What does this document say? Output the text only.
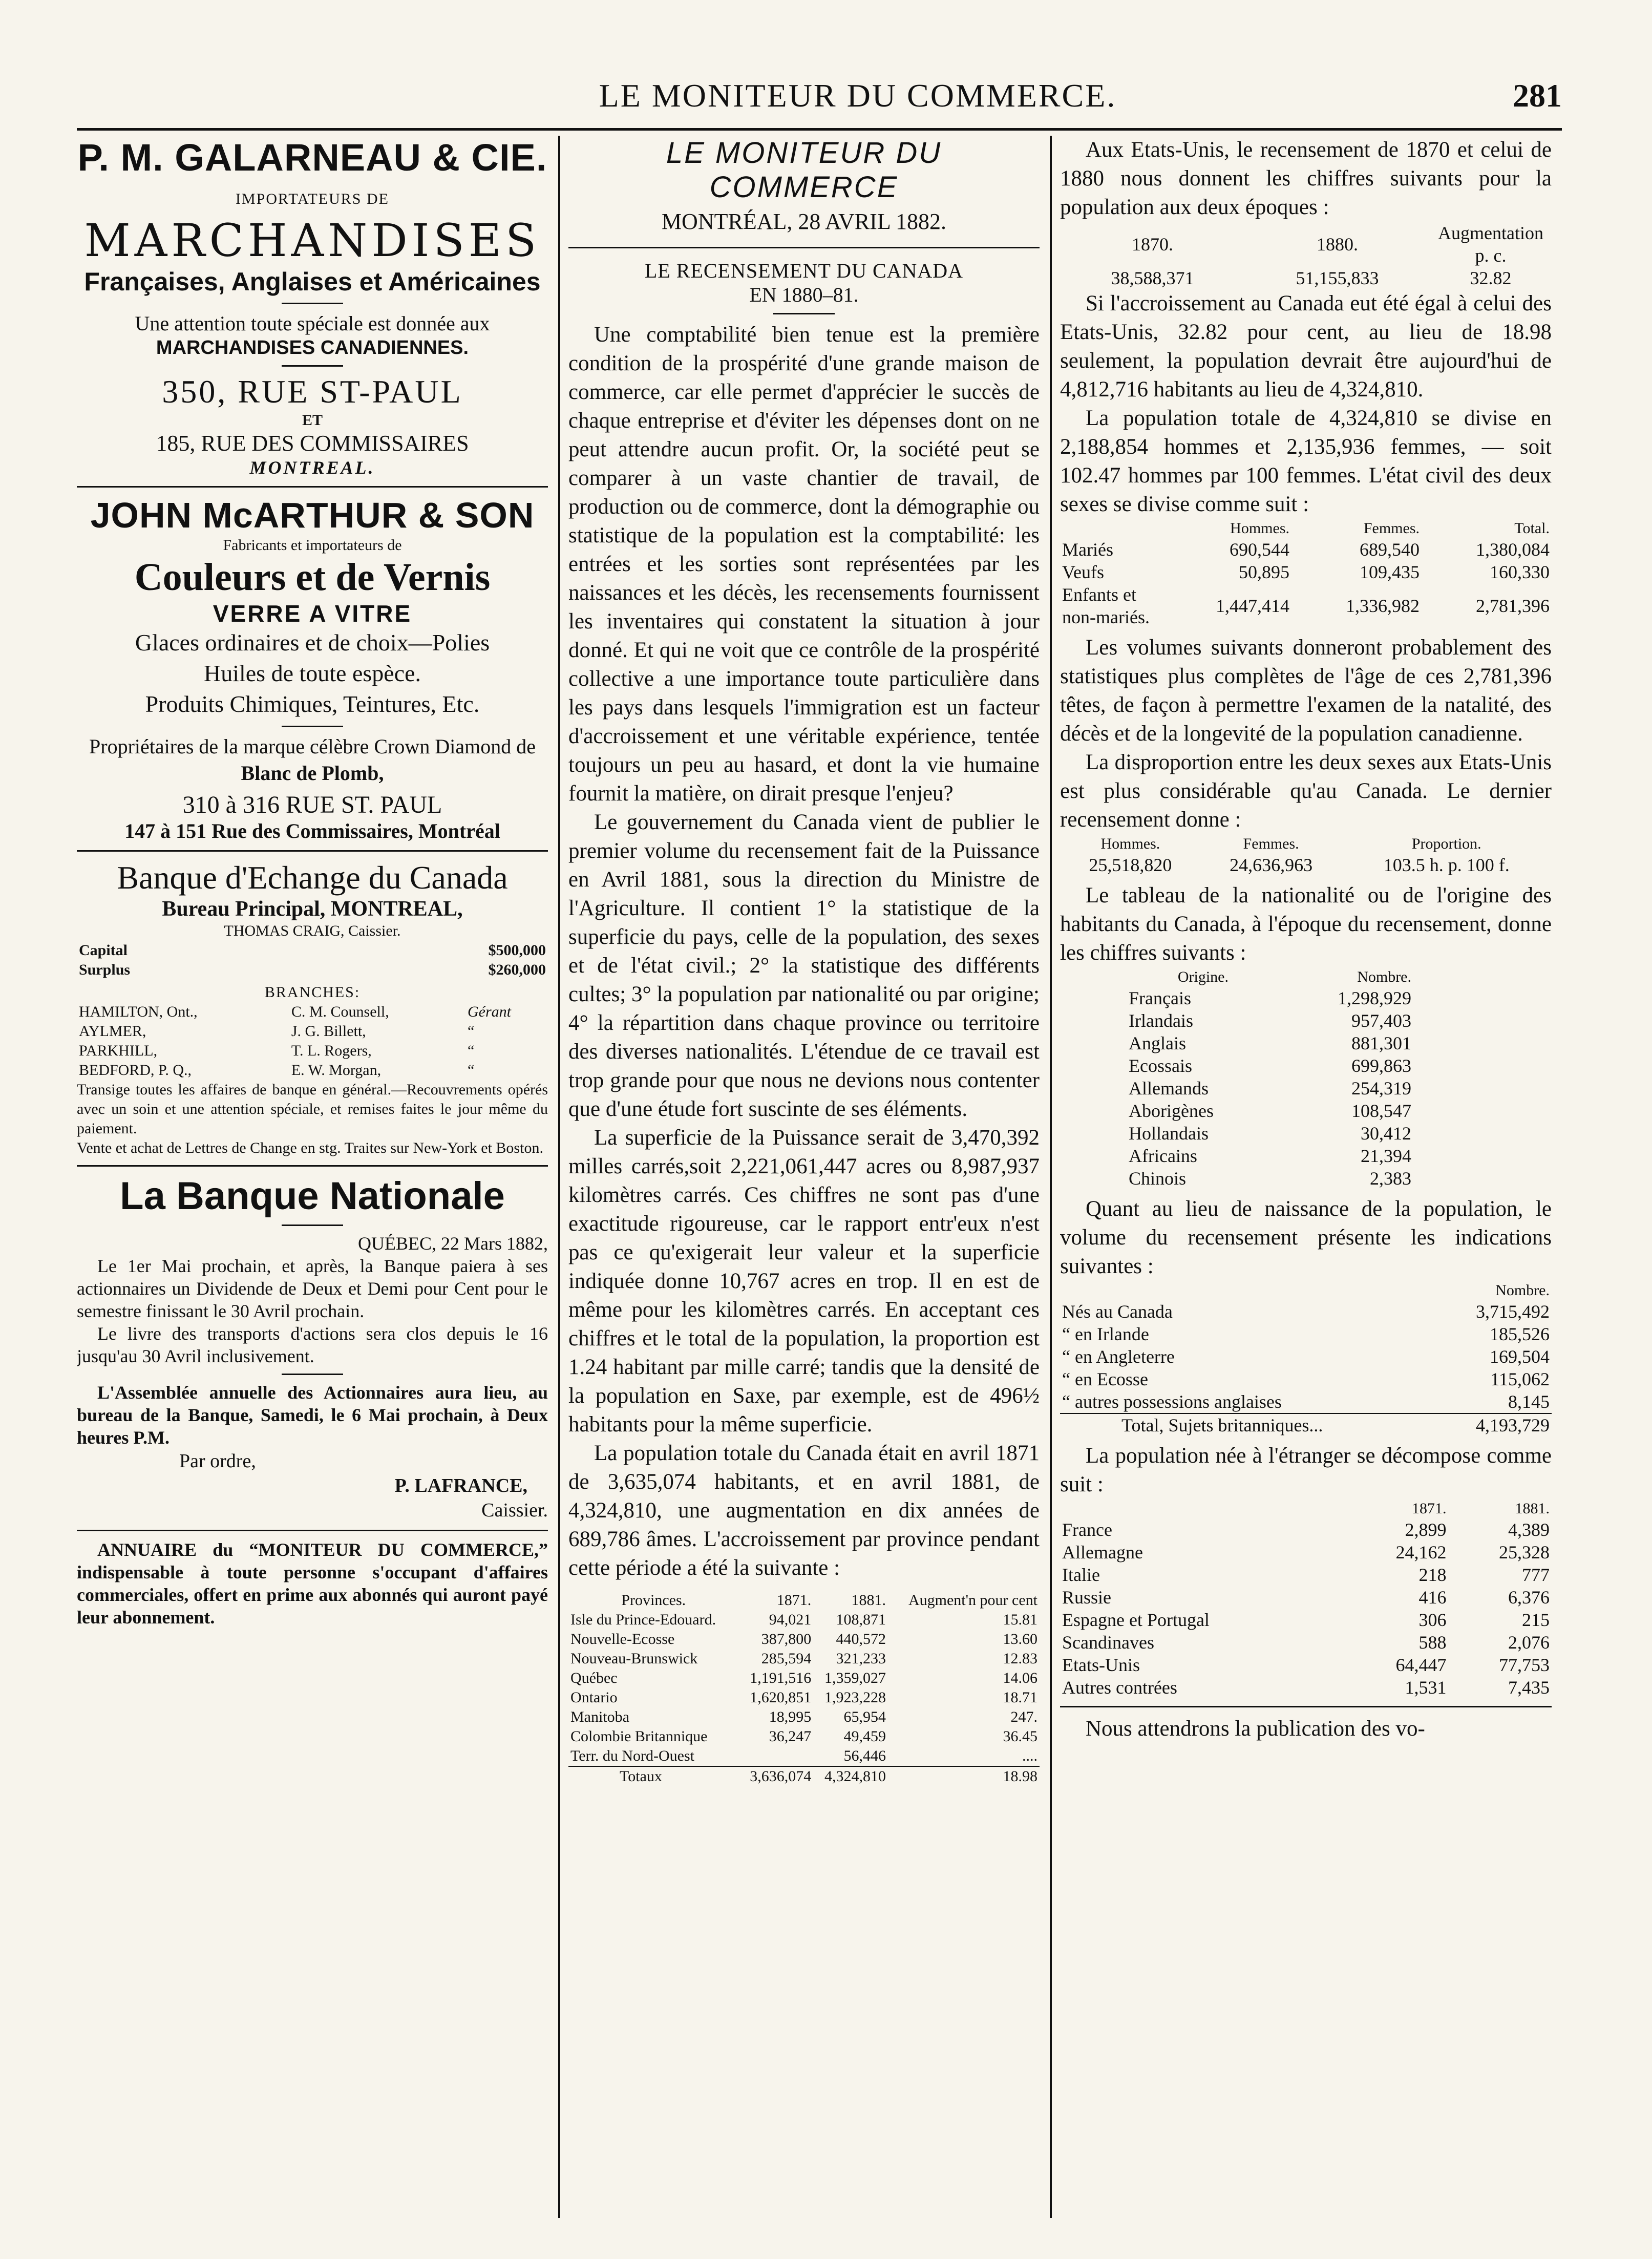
LE MONITEUR DU COMMERCE.	281
P. M. GALARNEAU & CIE.
IMPORTATEURS DE
MARCHANDISES
Françaises, Anglaises et Américaines
Une attention toute spéciale est donnée aux
MARCHANDISES CANADIENNES.
350, RUE ST-PAUL
ET
185, RUE DES COMMISSAIRES
MONTREAL.
JOHN McARTHUR & SON
Fabricants et importateurs de
Couleurs et de Vernis
VERRE A VITRE
Glaces ordinaires et de choix—Polies
Huiles de toute espèce.
Produits Chimiques, Teintures, Etc.
Propriétaires de la marque célèbre Crown Diamond de Blanc de Plomb,
310 à 316 RUE ST. PAUL
147 à 151 Rue des Commissaires, Montréal
Banque d'Echange du Canada
Bureau Principal, MONTREAL,
THOMAS CRAIG, Caissier.
Capital	$500,000
Surplus	$260,000
BRANCHES:
HAMILTON, Ont.,	C. M. Counsell,	Gérant
AYLMER,	J. G. Billett,	“
PARKHILL,	T. L. Rogers,	“
BEDFORD, P. Q.,	E. W. Morgan,	“
Transige toutes les affaires de banque en général.—Recouvrements opérés avec un soin et une attention spéciale, et remises faites le jour même du paiement.
Vente et achat de Lettres de Change en stg. Traites sur New-York et Boston.
La Banque Nationale
QUÉBEC, 22 Mars 1882,
Le 1er Mai prochain, et après, la Banque paiera à ses actionnaires un Dividende de Deux et Demi pour Cent pour le semestre finissant le 30 Avril prochain.
Le livre des transports d'actions sera clos depuis le 16 jusqu'au 30 Avril inclusivement.
L'Assemblée annuelle des Actionnaires aura lieu, au bureau de la Banque, Samedi, le 6 Mai prochain, à Deux heures P.M.
Par ordre,
P. LAFRANCE,
Caissier.
ANNUAIRE du “MONITEUR DU COMMERCE,” indispensable à toute personne s'occupant d'affaires commerciales, offert en prime aux abonnés qui auront payé leur abonnement.
LE MONITEUR DU COMMERCE
MONTRÉAL, 28 AVRIL 1882.
LE RECENSEMENT DU CANADA
EN 1880–81.

Une comptabilité bien tenue est la première condition de la prospérité d'une grande maison de commerce, car elle permet d'apprécier le succès de chaque entreprise et d'éviter les dépenses dont on ne peut attendre aucun profit. Or, la société peut se comparer à un vaste chantier de travail, de production ou de commerce, dont la démographie ou statistique de la population est la comptabilité: les entrées et les sorties sont représentées par les naissances et les décès, les recensements fournissent les inventaires qui constatent la situation à jour donné. Et qui ne voit que ce contrôle de la prospérité collective a une importance toute particulière dans les pays dans lesquels l'immigration est un facteur d'accroissement et une véritable expérience, tentée toujours un peu au hasard, et dont la vie humaine fournit la matière, on dirait presque l'enjeu?

Le gouvernement du Canada vient de publier le premier volume du recensement fait de la Puissance en Avril 1881, sous la direction du Ministre de l'Agriculture. Il contient 1° la statistique de la superficie du pays, celle de la population, des sexes et de l'état civil.; 2° la statistique des différents cultes; 3° la population par nationalité ou par origine; 4° la répartition dans chaque province ou territoire des diverses nationalités. L'étendue de ce travail est trop grande pour que nous ne devions nous contenter que d'une étude fort suscinte de ses éléments.

La superficie de la Puissance serait de 3,470,392 milles carrés,soit 2,221,061,447 acres ou 8,987,937 kilomètres carrés. Ces chiffres ne sont pas d'une exactitude rigoureuse, car le rapport entr'eux n'est pas ce qu'exigerait leur valeur et la superficie indiquée donne 10,767 acres en trop. Il en est de même pour les kilomètres carrés. En acceptant ces chiffres et le total de la population, la proportion est 1.24 habitant par mille carré; tandis que la densité de la population en Saxe, par exemple, est de 496½ habitants pour la même superficie.

La population totale du Canada était en avril 1871 de 3,635,074 habitants, et en avril 1881, de 4,324,810, une augmentation en dix années de 689,786 âmes. L'accroissement par province pendant cette période a été la suivante :

Provinces.	1871.	1881.	Augment'n pour cent
Isle du Prince-Edouard.	94,021	108,871	15.81
Nouvelle-Ecosse	387,800	440,572	13.60
Nouveau-Brunswick	285,594	321,233	12.83
Québec	1,191,516	1,359,027	14.06
Ontario	1,620,851	1,923,228	18.71
Manitoba	18,995	65,954	247.
Colombie Britannique	36,247	49,459	36.45
Terr. du Nord-Ouest		56,446	....
Totaux	3,636,074	4,324,810	18.98

Aux Etats-Unis, le recensement de 1870 et celui de 1880 nous donnent les chiffres suivants pour la population aux deux époques :

1870.	1880.	Augmentation p. c.
38,588,371	51,155,833	32.82

Si l'accroissement au Canada eut été égal à celui des Etats-Unis, 32.82 pour cent, au lieu de 18.98 seulement, la population devrait être aujourd'hui de 4,812,716 habitants au lieu de 4,324,810.

La population totale de 4,324,810 se divise en 2,188,854 hommes et 2,135,936 femmes, — soit 102.47 hommes par 100 femmes. L'état civil des deux sexes se divise comme suit :

	Hommes.	Femmes.	Total.
Mariés	690,544	689,540	1,380,084
Veufs	50,895	109,435	160,330
Enfants et non-mariés.	1,447,414	1,336,982	2,781,396

Les volumes suivants donneront probablement des statistiques plus complètes de l'âge de ces 2,781,396 têtes, de façon à permettre l'examen de la natalité, des décès et de la longevité de la population canadienne.

La disproportion entre les deux sexes aux Etats-Unis est plus considérable qu'au Canada. Le dernier recensement donne :

Hommes.	Femmes.	Proportion.
25,518,820	24,636,963	103.5 h. p. 100 f.

Le tableau de la nationalité ou de l'origine des habitants du Canada, à l'époque du recensement, donne les chiffres suivants :

Origine.	Nombre.
Français	1,298,929
Irlandais	957,403
Anglais	881,301
Ecossais	699,863
Allemands	254,319
Aborigènes	108,547
Hollandais	30,412
Africains	21,394
Chinois	2,383

Quant au lieu de naissance de la population, le volume du recensement présente les indications suivantes :

	Nombre.
Nés au Canada	3,715,492
“ en Irlande	185,526
“ en Angleterre	169,504
“ en Ecosse	115,062
“ autres possessions anglaises	8,145
Total, Sujets britanniques...	4,193,729

La population née à l'étranger se décompose comme suit :

	1871.	1881.
France	2,899	4,389
Allemagne	24,162	25,328
Italie	218	777
Russie	416	6,376
Espagne et Portugal	306	215
Scandinaves	588	2,076
Etats-Unis	64,447	77,753
Autres contrées	1,531	7,435

Nous attendrons la publication des vo-
